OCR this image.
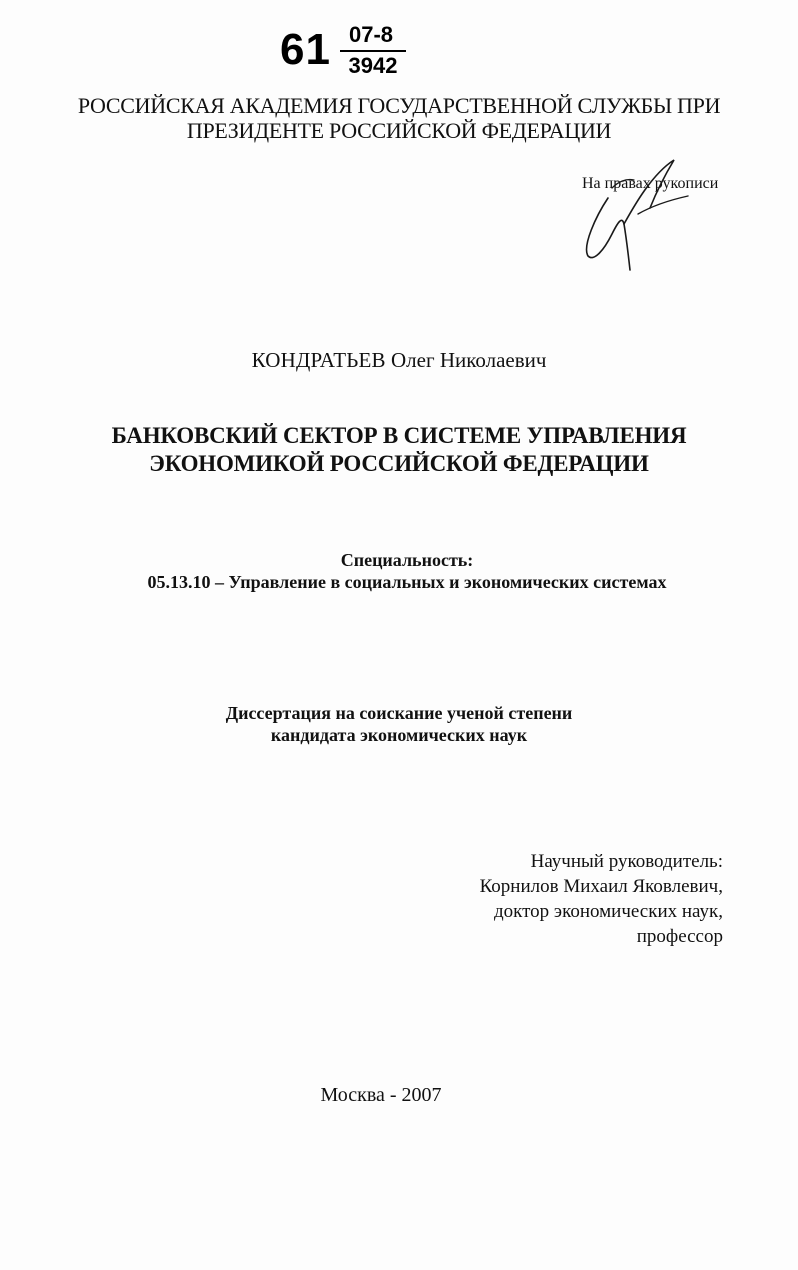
61 07-8
3942
РОССИЙСКАЯ АКАДЕМИЯ ГОСУДАРСТВЕННОЙ СЛУЖБЫ ПРИ
ПРЕЗИДЕНТЕ РОССИЙСКОЙ ФЕДЕРАЦИИ
На правах рукописи
КОНДРАТЬЕВ Олег Николаевич
БАНКОВСКИЙ СЕКТОР В СИСТЕМЕ УПРАВЛЕНИЯ
ЭКОНОМИКОЙ РОССИЙСКОЙ ФЕДЕРАЦИИ
Специальность:
05.13.10 – Управление в социальных и экономических системах
Диссертация на соискание ученой степени
кандидата экономических наук
Научный руководитель:
Корнилов Михаил Яковлевич,
доктор экономических наук,
профессор
Москва - 2007
